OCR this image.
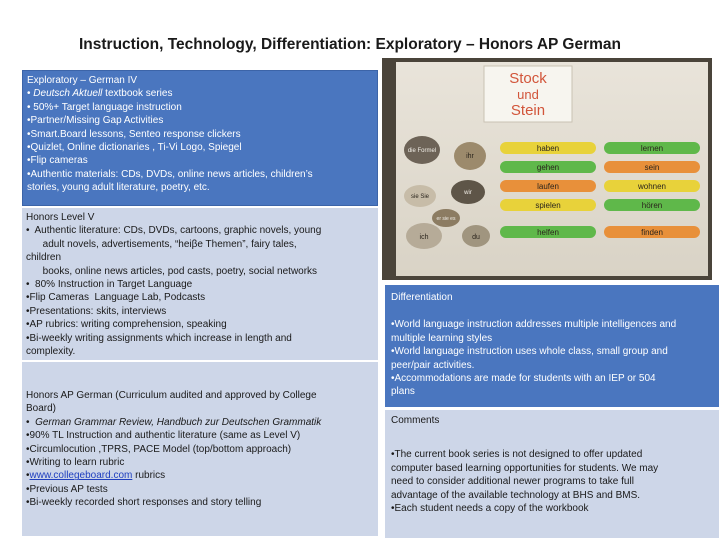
Instruction, Technology, Differentiation: Exploratory – Honors AP German
Exploratory – German IV
• Deutsch Aktuell textbook series
• 50%+ Target language instruction
•Partner/Missing Gap Activities
•Smart.Board lessons, Senteo response clickers
•Quizlet, Online dictionaries , Ti-Vi Logo, Spiegel
•Flip cameras
•Authentic materials: CDs, DVDs, online news articles, children’s
stories, young adult literature, poetry, etc.
Honors Level V
•  Authentic literature: CDs, DVDs, cartoons, graphic novels, young
adult novels, advertisements, “heiβe Themen”, fairy tales,
children
books, online news articles, pod casts, poetry, social networks
•  80% Instruction in Target Language
•Flip Cameras  Language Lab, Podcasts
•Presentations: skits, interviews
•AP rubrics: writing comprehension, speaking
•Bi-weekly writing assignments which increase in length and
complexity.
Honors AP German (Curriculum audited and approved by College
Board)
•  German Grammar Review, Handbuch zur Deutschen Grammatik
•90% TL Instruction and authentic literature (same as Level V)
•Circumlocution ,TPRS, PACE Model (top/bottom approach)
•Writing to learn rubric
•www.collegeboard.com rubrics
•Previous AP tests
•Bi-weekly recorded short responses and story telling
Stock
und
Stein
die Formel
ihr
sie Sie
wir
er sie es
ich	du
haben	lernen
gehen	sein
laufen	wohnen
spielen	hören
helfen	finden
Differentiation
•World language instruction addresses multiple intelligences and
multiple learning styles
•World language instruction uses whole class, small group and
peer/pair activities.
•Accommodations are made for students with an IEP or 504
plans
Comments
•The current book series is not designed to offer updated
computer based learning opportunities for students. We may
need to consider additional newer programs to take full
advantage of the available technology at BHS and BMS.
•Each student needs a copy of the workbook
